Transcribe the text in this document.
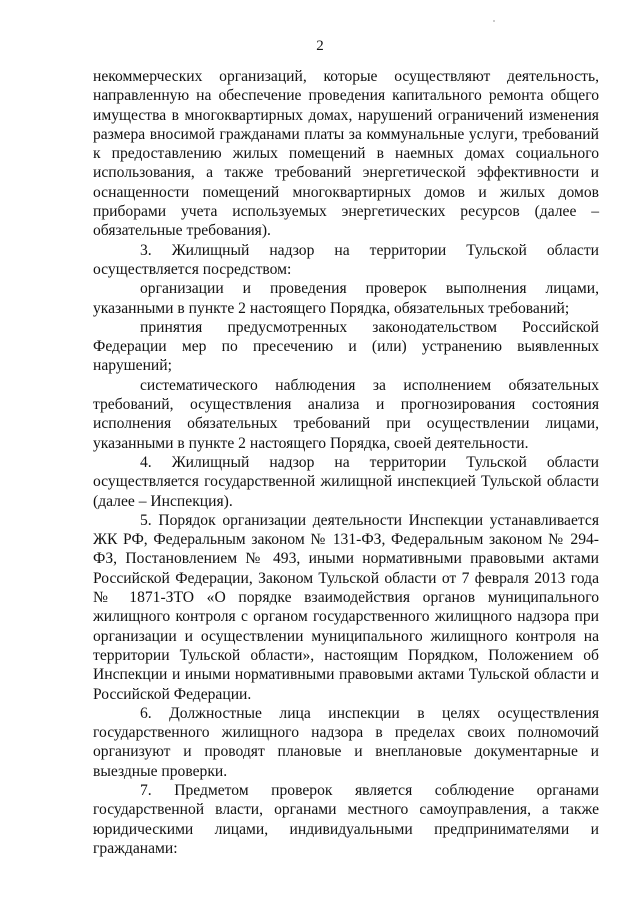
2

некоммерческих организаций, которые осуществляют деятельность, направленную на обеспечение проведения капитального ремонта общего имущества в многоквартирных домах, нарушений ограничений изменения размера вносимой гражданами платы за коммунальные услуги, требований к предоставлению жилых помещений в наемных домах социального использования, а также требований энергетической эффективности и оснащенности помещений многоквартирных домов и жилых домов приборами учета используемых энергетических ресурсов (далее – обязательные требования).

3. Жилищный надзор на территории Тульской области осуществляется посредством:

организации и проведения проверок выполнения лицами, указанными в пункте 2 настоящего Порядка, обязательных требований;

принятия предусмотренных законодательством Российской Федерации мер по пресечению и (или) устранению выявленных нарушений;

систематического наблюдения за исполнением обязательных требований, осуществления анализа и прогнозирования состояния исполнения обязательных требований при осуществлении лицами, указанными в пункте 2 настоящего Порядка, своей деятельности.

4. Жилищный надзор на территории Тульской области осуществляется государственной жилищной инспекцией Тульской области (далее – Инспекция).

5. Порядок организации деятельности Инспекции устанавливается ЖК РФ, Федеральным законом № 131-ФЗ, Федеральным законом № 294-ФЗ, Постановлением № 493, иными нормативными правовыми актами Российской Федерации, Законом Тульской области от 7 февраля 2013 года № 1871-ЗТО «О порядке взаимодействия органов муниципального жилищного контроля с органом государственного жилищного надзора при организации и осуществлении муниципального жилищного контроля на территории Тульской области», настоящим Порядком, Положением об Инспекции и иными нормативными правовыми актами Тульской области и Российской Федерации.

6. Должностные лица инспекции в целях осуществления государственного жилищного надзора в пределах своих полномочий организуют и проводят плановые и внеплановые документарные и выездные проверки.

7. Предметом проверок является соблюдение органами государственной власти, органами местного самоуправления, а также юридическими лицами, индивидуальными предпринимателями и гражданами:
